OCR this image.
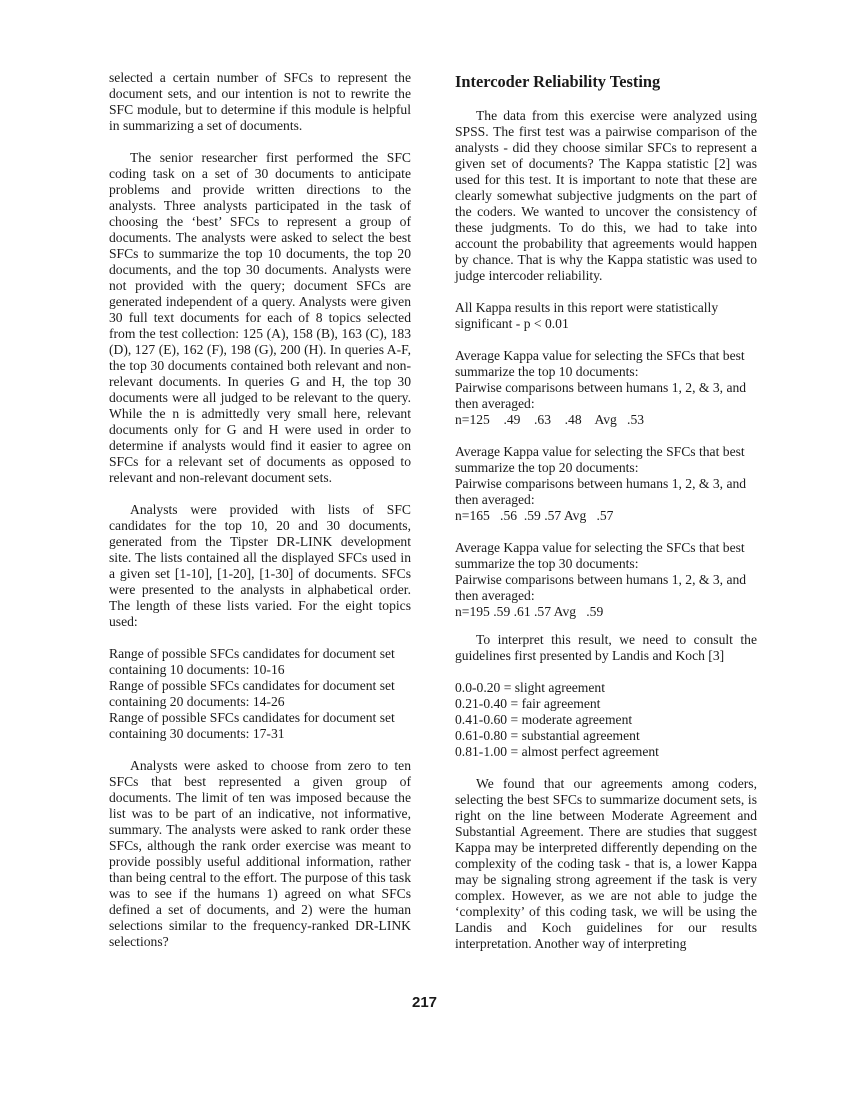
selected a certain number of SFCs to represent the document sets, and our intention is not to rewrite the SFC module, but to determine if this module is helpful in summarizing a set of documents.

The senior researcher first performed the SFC coding task on a set of 30 documents to anticipate problems and provide written directions to the analysts. Three analysts participated in the task of choosing the ‘best’ SFCs to represent a group of documents. The analysts were asked to select the best SFCs to summarize the top 10 documents, the top 20 documents, and the top 30 documents. Analysts were not provided with the query; document SFCs are generated independent of a query. Analysts were given 30 full text documents for each of 8 topics selected from the test collection: 125 (A), 158 (B), 163 (C), 183 (D), 127 (E), 162 (F), 198 (G), 200 (H). In queries A-F, the top 30 documents contained both relevant and non-relevant documents. In queries G and H, the top 30 documents were all judged to be relevant to the query. While the n is admittedly very small here, relevant documents only for G and H were used in order to determine if analysts would find it easier to agree on SFCs for a relevant set of documents as opposed to relevant and non-relevant document sets.

Analysts were provided with lists of SFC candidates for the top 10, 20 and 30 documents, generated from the Tipster DR-LINK development site. The lists contained all the displayed SFCs used in a given set [1-10], [1-20], [1-30] of documents. SFCs were presented to the analysts in alphabetical order. The length of these lists varied. For the eight topics used:

Range of possible SFCs candidates for document set containing 10 documents: 10-16

Range of possible SFCs candidates for document set containing 20 documents: 14-26

Range of possible SFCs candidates for document set containing 30 documents: 17-31

Analysts were asked to choose from zero to ten SFCs that best represented a given group of documents. The limit of ten was imposed because the list was to be part of an indicative, not informative, summary. The analysts were asked to rank order these SFCs, although the rank order exercise was meant to provide possibly useful additional information, rather than being central to the effort. The purpose of this task was to see if the humans 1) agreed on what SFCs defined a set of documents, and 2) were the human selections similar to the frequency-ranked DR-LINK selections?

Intercoder Reliability Testing

The data from this exercise were analyzed using SPSS. The first test was a pairwise comparison of the analysts - did they choose similar SFCs to represent a given set of documents? The Kappa statistic [2] was used for this test. It is important to note that these are clearly somewhat subjective judgments on the part of the coders. We wanted to uncover the consistency of these judgments. To do this, we had to take into account the probability that agreements would happen by chance. That is why the Kappa statistic was used to judge intercoder reliability.

All Kappa results in this report were statistically significant - p < 0.01

Average Kappa value for selecting the SFCs that best summarize the top 10 documents:

Pairwise comparisons between humans 1, 2, & 3, and then averaged:

n=125    .49    .63    .48    Avg   .53

Average Kappa value for selecting the SFCs that best summarize the top 20 documents:

Pairwise comparisons between humans 1, 2, & 3, and then averaged:

n=165   .56  .59 .57 Avg   .57

Average Kappa value for selecting the SFCs that best summarize the top 30 documents:

Pairwise comparisons between humans 1, 2, & 3, and then averaged:

n=195 .59 .61 .57 Avg   .59

To interpret this result, we need to consult the guidelines first presented by Landis and Koch [3]

0.0-0.20 = slight agreement

0.21-0.40 = fair agreement

0.41-0.60 = moderate agreement

0.61-0.80 = substantial agreement

0.81-1.00 = almost perfect agreement

We found that our agreements among coders, selecting the best SFCs to summarize document sets, is right on the line between Moderate Agreement and Substantial Agreement. There are studies that suggest Kappa may be interpreted differently depending on the complexity of the coding task - that is, a lower Kappa may be signaling strong agreement if the task is very complex. However, as we are not able to judge the ‘complexity’ of this coding task, we will be using the Landis and Koch guidelines for our results interpretation. Another way of interpreting

217
